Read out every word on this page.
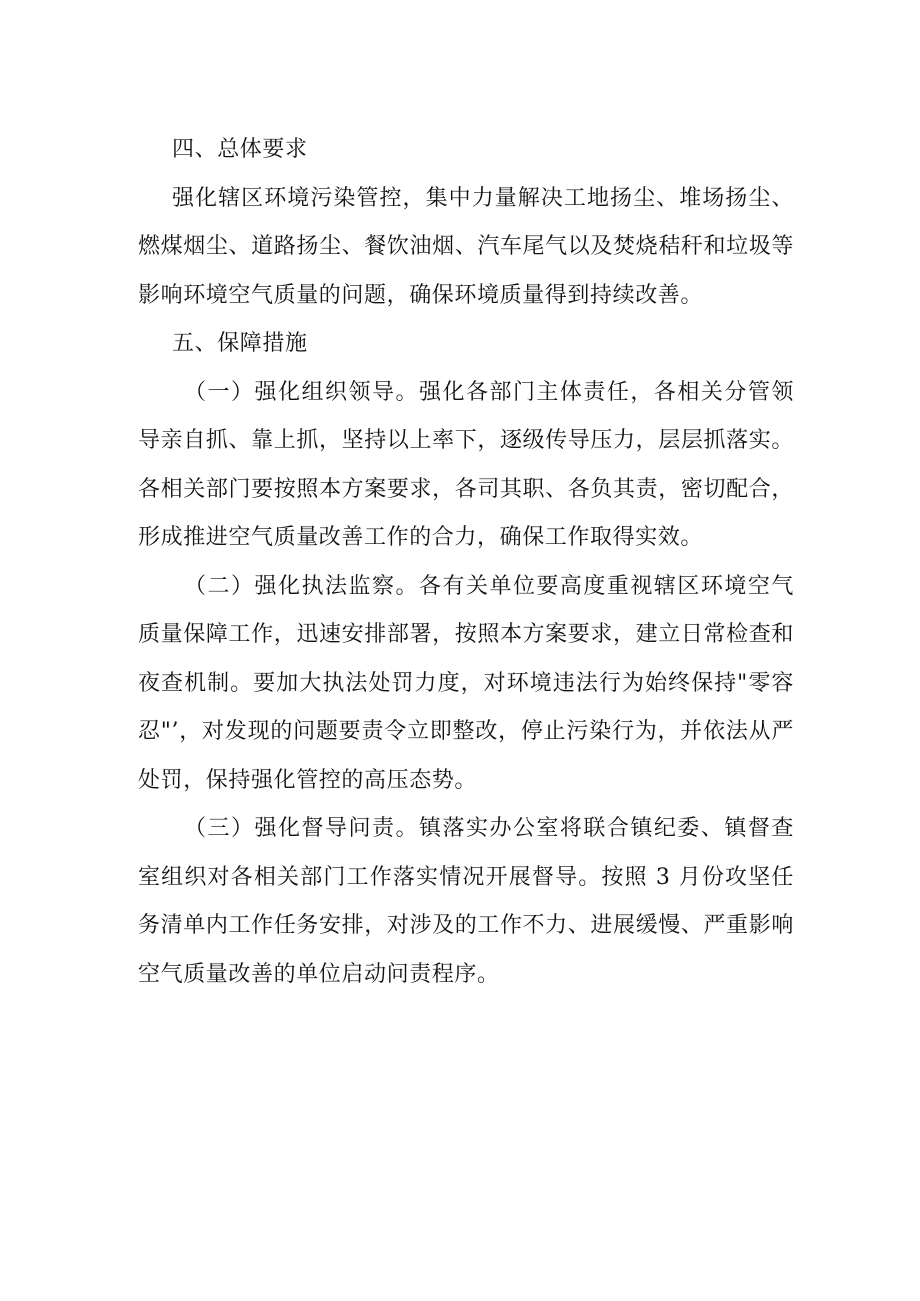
四、总体要求

强化辖区环境污染管控，集中力量解决工地扬尘、堆场扬尘、燃煤烟尘、道路扬尘、餐饮油烟、汽车尾气以及焚烧秸秆和垃圾等影响环境空气质量的问题，确保环境质量得到持续改善。

五、保障措施

（一）强化组织领导。强化各部门主体责任，各相关分管领导亲自抓、靠上抓，坚持以上率下，逐级传导压力，层层抓落实。各相关部门要按照本方案要求，各司其职、各负其责，密切配合，形成推进空气质量改善工作的合力，确保工作取得实效。

（二）强化执法监察。各有关单位要高度重视辖区环境空气质量保障工作，迅速安排部署，按照本方案要求，建立日常检查和夜查机制。要加大执法处罚力度，对环境违法行为始终保持"零容忍"’，对发现的问题要责令立即整改，停止污染行为，并依法从严处罚，保持强化管控的高压态势。

（三）强化督导问责。镇落实办公室将联合镇纪委、镇督查室组织对各相关部门工作落实情况开展督导。按照 3 月份攻坚任务清单内工作任务安排，对涉及的工作不力、进展缓慢、严重影响空气质量改善的单位启动问责程序。
